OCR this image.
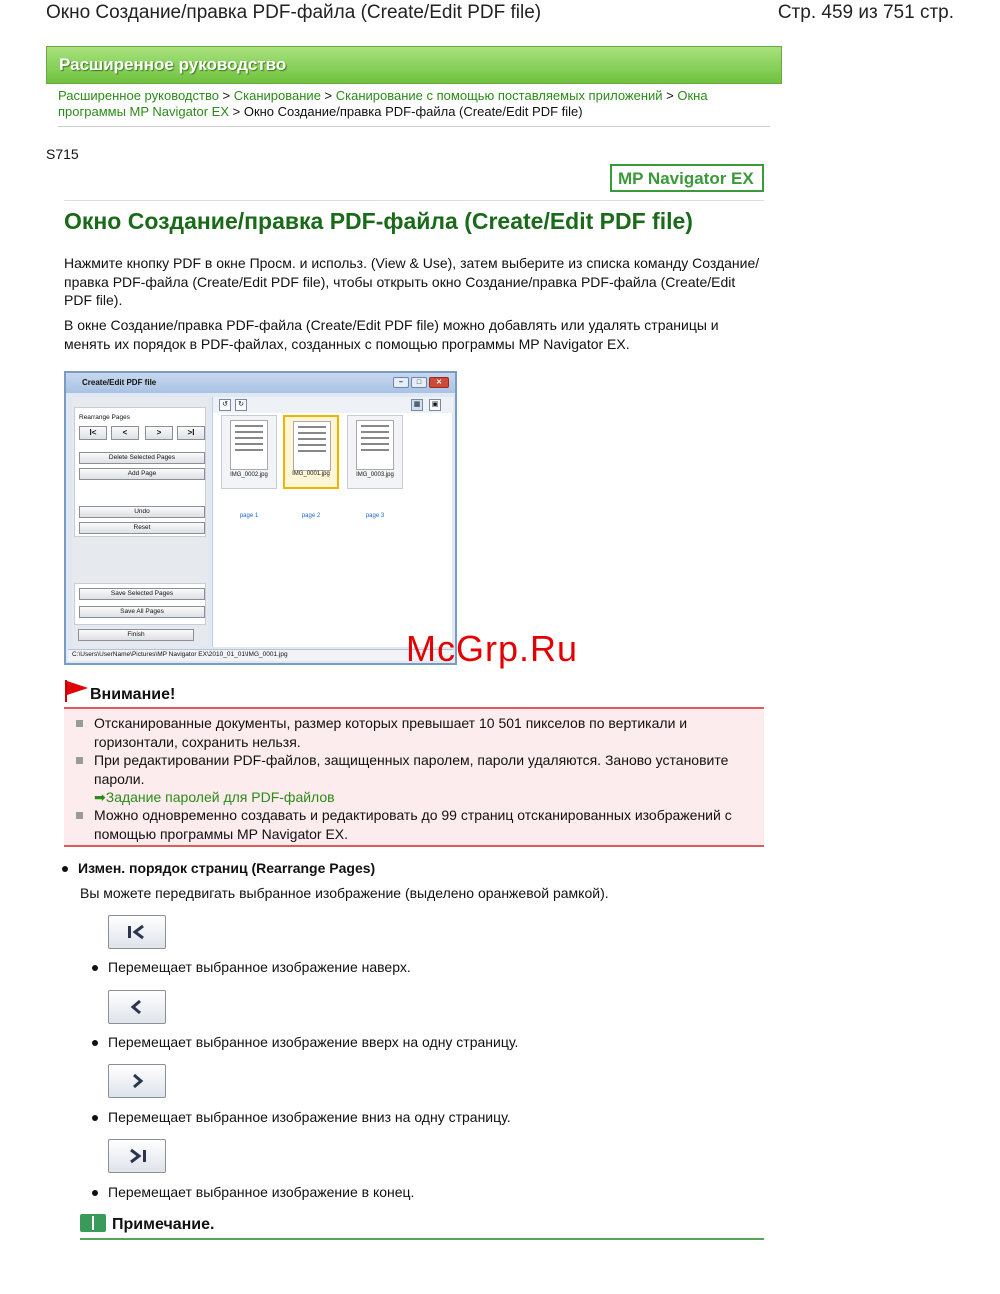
Окно Создание/правка PDF-файла (Create/Edit PDF file)	Стр. 459 из 751 стр.
Расширенное руководство
Расширенное руководство > Сканирование > Сканирование с помощью поставляемых приложений > Окна программы MP Navigator EX > Окно Создание/правка PDF-файла (Create/Edit PDF file)
S715
MP Navigator EX
Окно Создание/правка PDF-файла (Create/Edit PDF file)
Нажмите кнопку PDF в окне Просм. и использ. (View & Use), затем выберите из списка команду Создание/правка PDF-файла (Create/Edit PDF file), чтобы открыть окно Создание/правка PDF-файла (Create/Edit PDF file).
В окне Создание/правка PDF-файла (Create/Edit PDF file) можно добавлять или удалять страницы и менять их порядок в PDF-файлах, созданных с помощью программы MP Navigator EX.
Create/Edit PDF file	–	□	✕
Rearrange Pages
I<	<	>	>I
Delete Selected Pages
Add Page
Undo
Reset
Save Selected Pages
Save All Pages
Finish
↺	↻	▦	▣
IMG_0002.jpg	IMG_0001.jpg	IMG_0003.jpg
page 1	page 2	page 3
C:\Users\UserName\Pictures\MP Navigator EX\2010_01_01\IMG_0001.jpg	McGrp.Ru
Внимание!
Отсканированные документы, размер которых превышает 10 501 пикселов по вертикали и горизонтали, сохранить нельзя.
При редактировании PDF-файлов, защищенных паролем, пароли удаляются. Заново установите пароли.
➡Задание паролей для PDF-файлов
Можно одновременно создавать и редактировать до 99 страниц отсканированных изображений с помощью программы MP Navigator EX.
Измен. порядок страниц (Rearrange Pages)
Вы можете передвигать выбранное изображение (выделено оранжевой рамкой).
Перемещает выбранное изображение наверх.
Перемещает выбранное изображение вверх на одну страницу.
Перемещает выбранное изображение вниз на одну страницу.
Перемещает выбранное изображение в конец.
Примечание.
